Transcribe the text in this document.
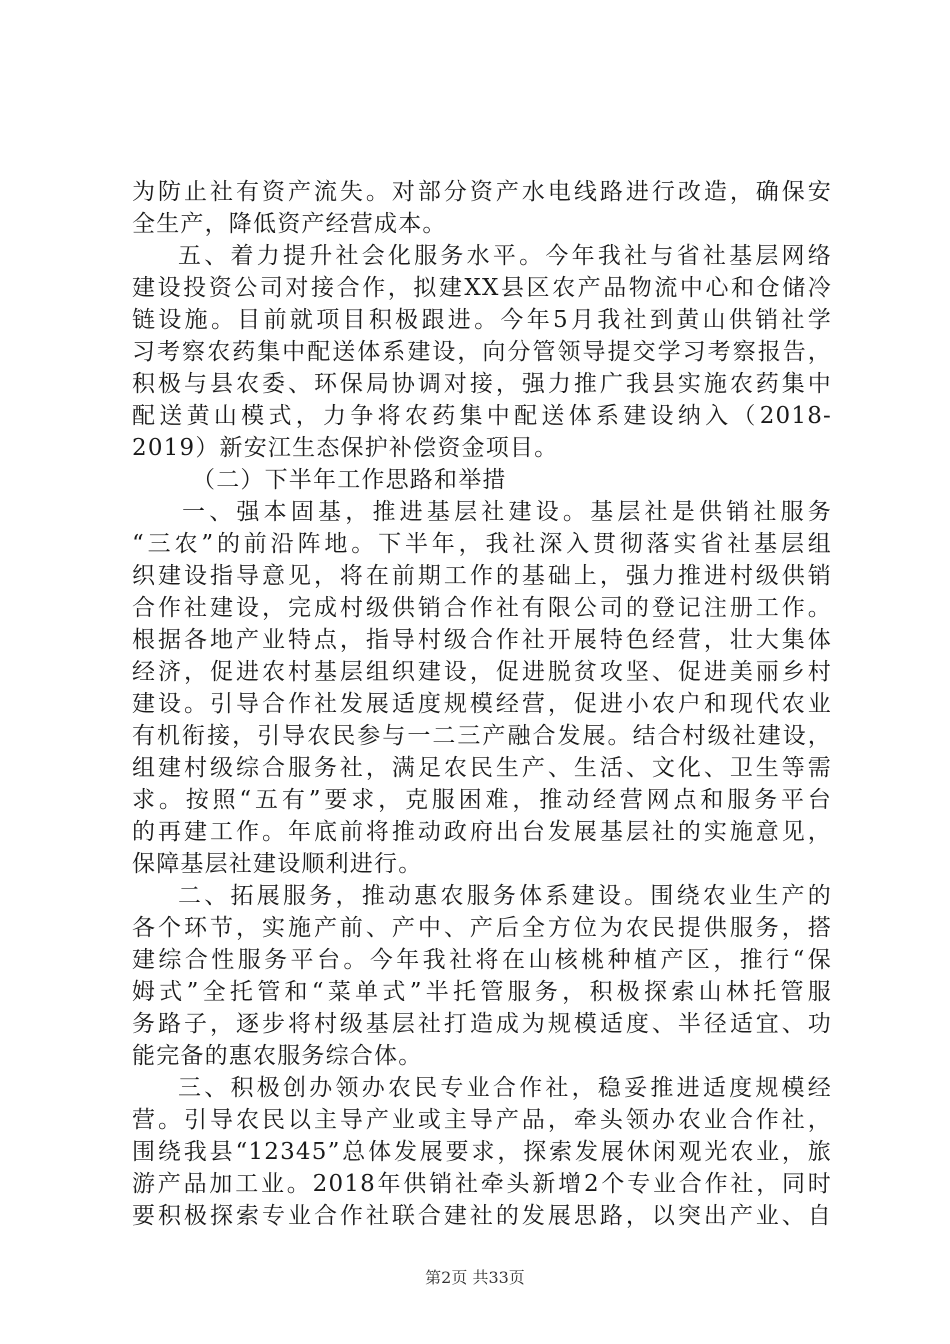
为防止社有资产流失。对部分资产水电线路进行改造，确保安
全生产，降低资产经营成本。
五、着力提升社会化服务水平。今年我社与省社基层网络
建设投资公司对接合作，拟建XX县区农产品物流中心和仓储冷
链设施。目前就项目积极跟进。今年5月我社到黄山供销社学
习考察农药集中配送体系建设，向分管领导提交学习考察报告，
积极与县农委、环保局协调对接，强力推广我县实施农药集中
配送黄山模式，力争将农药集中配送体系建设纳入（2018-
2019）新安江生态保护补偿资金项目。
（二）下半年工作思路和举措
一、强本固基，推进基层社建设。基层社是供销社服务
“三农”的前沿阵地。下半年，我社深入贯彻落实省社基层组
织建设指导意见，将在前期工作的基础上，强力推进村级供销
合作社建设，完成村级供销合作社有限公司的登记注册工作。
根据各地产业特点，指导村级合作社开展特色经营，壮大集体
经济，促进农村基层组织建设，促进脱贫攻坚、促进美丽乡村
建设。引导合作社发展适度规模经营，促进小农户和现代农业
有机衔接，引导农民参与一二三产融合发展。结合村级社建设，
组建村级综合服务社，满足农民生产、生活、文化、卫生等需
求。按照“五有”要求，克服困难，推动经营网点和服务平台
的再建工作。年底前将推动政府出台发展基层社的实施意见，
保障基层社建设顺利进行。
二、拓展服务，推动惠农服务体系建设。围绕农业生产的
各个环节，实施产前、产中、产后全方位为农民提供服务，搭
建综合性服务平台。今年我社将在山核桃种植产区，推行“保
姆式”全托管和“菜单式”半托管服务，积极探索山林托管服
务路子，逐步将村级基层社打造成为规模适度、半径适宜、功
能完备的惠农服务综合体。
三、积极创办领办农民专业合作社，稳妥推进适度规模经
营。引导农民以主导产业或主导产品，牵头领办农业合作社，
围绕我县“12345”总体发展要求，探索发展休闲观光农业，旅
游产品加工业。2018年供销社牵头新增2个专业合作社，同时
要积极探索专业合作社联合建社的发展思路，以突出产业、自
第2页 共33页
